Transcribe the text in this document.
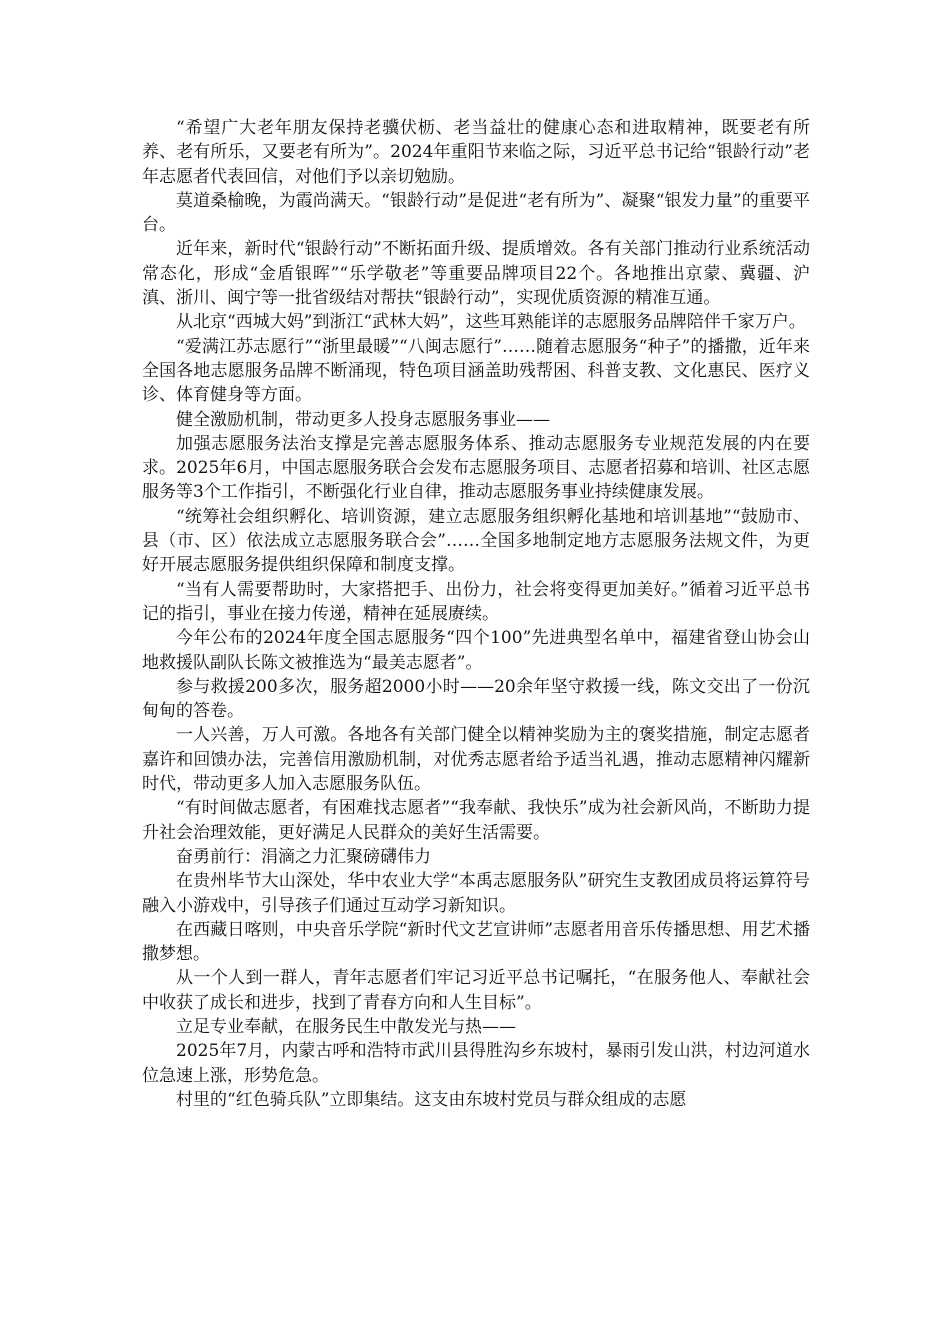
“希望广大老年朋友保持老骥伏枥、老当益壮的健康心态和进取精神，既要老有所养、老有所乐，又要老有所为”。2024年重阳节来临之际，习近平总书记给“银龄行动”老年志愿者代表回信，对他们予以亲切勉励。

莫道桑榆晚，为霞尚满天。“银龄行动”是促进“老有所为”、凝聚“银发力量”的重要平台。

近年来，新时代“银龄行动”不断拓面升级、提质增效。各有关部门推动行业系统活动常态化，形成“金盾银晖”“乐学敬老”等重要品牌项目22个。各地推出京蒙、冀疆、沪滇、浙川、闽宁等一批省级结对帮扶“银龄行动”，实现优质资源的精准互通。

从北京“西城大妈”到浙江“武林大妈”，这些耳熟能详的志愿服务品牌陪伴千家万户。

“爱满江苏志愿行”“浙里最暖”“八闽志愿行”……随着志愿服务“种子”的播撒，近年来全国各地志愿服务品牌不断涌现，特色项目涵盖助残帮困、科普支教、文化惠民、医疗义诊、体育健身等方面。

健全激励机制，带动更多人投身志愿服务事业——

加强志愿服务法治支撑是完善志愿服务体系、推动志愿服务专业规范发展的内在要求。2025年6月，中国志愿服务联合会发布志愿服务项目、志愿者招募和培训、社区志愿服务等3个工作指引，不断强化行业自律，推动志愿服务事业持续健康发展。

“统筹社会组织孵化、培训资源，建立志愿服务组织孵化基地和培训基地”“鼓励市、县（市、区）依法成立志愿服务联合会”……全国多地制定地方志愿服务法规文件，为更好开展志愿服务提供组织保障和制度支撑。

“当有人需要帮助时，大家搭把手、出份力，社会将变得更加美好。”循着习近平总书记的指引，事业在接力传递，精神在延展赓续。

今年公布的2024年度全国志愿服务“四个100”先进典型名单中，福建省登山协会山地救援队副队长陈文被推选为“最美志愿者”。

参与救援200多次，服务超2000小时——20余年坚守救援一线，陈文交出了一份沉甸甸的答卷。

一人兴善，万人可激。各地各有关部门健全以精神奖励为主的褒奖措施，制定志愿者嘉许和回馈办法，完善信用激励机制，对优秀志愿者给予适当礼遇，推动志愿精神闪耀新时代，带动更多人加入志愿服务队伍。

“有时间做志愿者，有困难找志愿者”“我奉献、我快乐”成为社会新风尚，不断助力提升社会治理效能，更好满足人民群众的美好生活需要。

奋勇前行：涓滴之力汇聚磅礴伟力

在贵州毕节大山深处，华中农业大学“本禹志愿服务队”研究生支教团成员将运算符号融入小游戏中，引导孩子们通过互动学习新知识。

在西藏日喀则，中央音乐学院“新时代文艺宣讲师”志愿者用音乐传播思想、用艺术播撒梦想。

从一个人到一群人，青年志愿者们牢记习近平总书记嘱托，“在服务他人、奉献社会中收获了成长和进步，找到了青春方向和人生目标”。

立足专业奉献，在服务民生中散发光与热——

2025年7月，内蒙古呼和浩特市武川县得胜沟乡东坡村，暴雨引发山洪，村边河道水位急速上涨，形势危急。

村里的“红色骑兵队”立即集结。这支由东坡村党员与群众组成的志愿
